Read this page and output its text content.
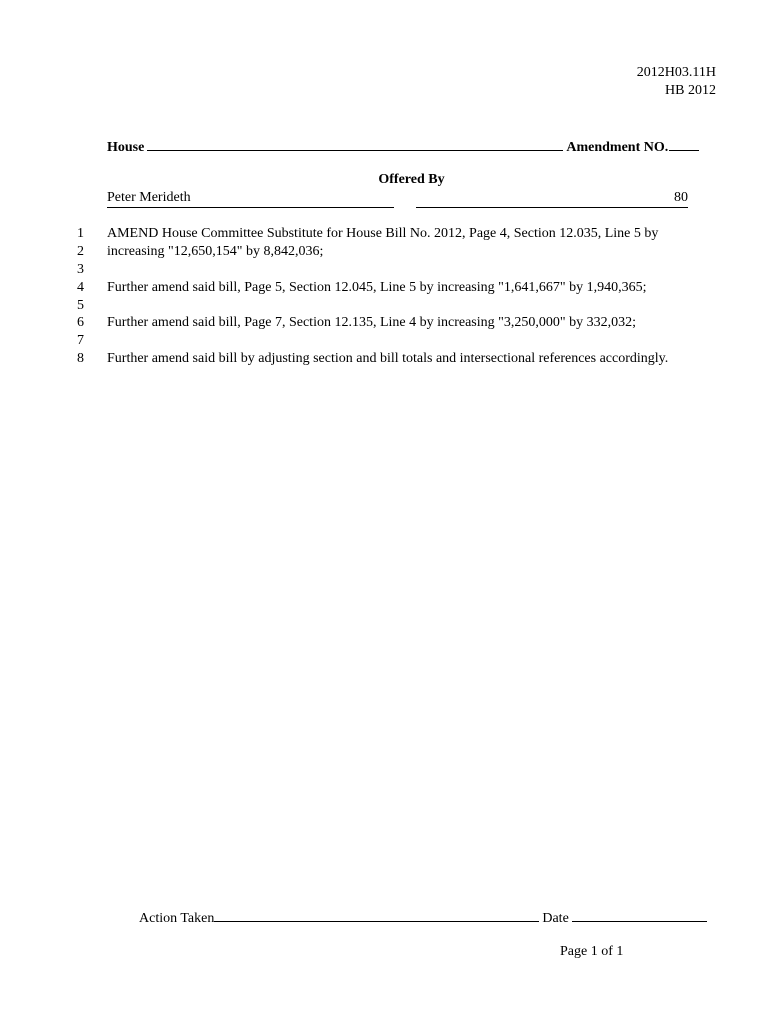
2012H03.11H
HB 2012
House	Amendment NO.
Offered By
Peter Merideth	80
1 AMEND House Committee Substitute for House Bill No. 2012, Page 4, Section 12.035, Line 5 by
2 increasing "12,650,154" by 8,842,036;
3
4 Further amend said bill, Page 5, Section 12.045, Line 5 by increasing "1,641,667" by 1,940,365;
5
6 Further amend said bill, Page 7, Section 12.135, Line 4 by increasing "3,250,000" by 332,032;
7
8 Further amend said bill by adjusting section and bill totals and intersectional references accordingly.
Action Taken	Date
Page 1 of 1
